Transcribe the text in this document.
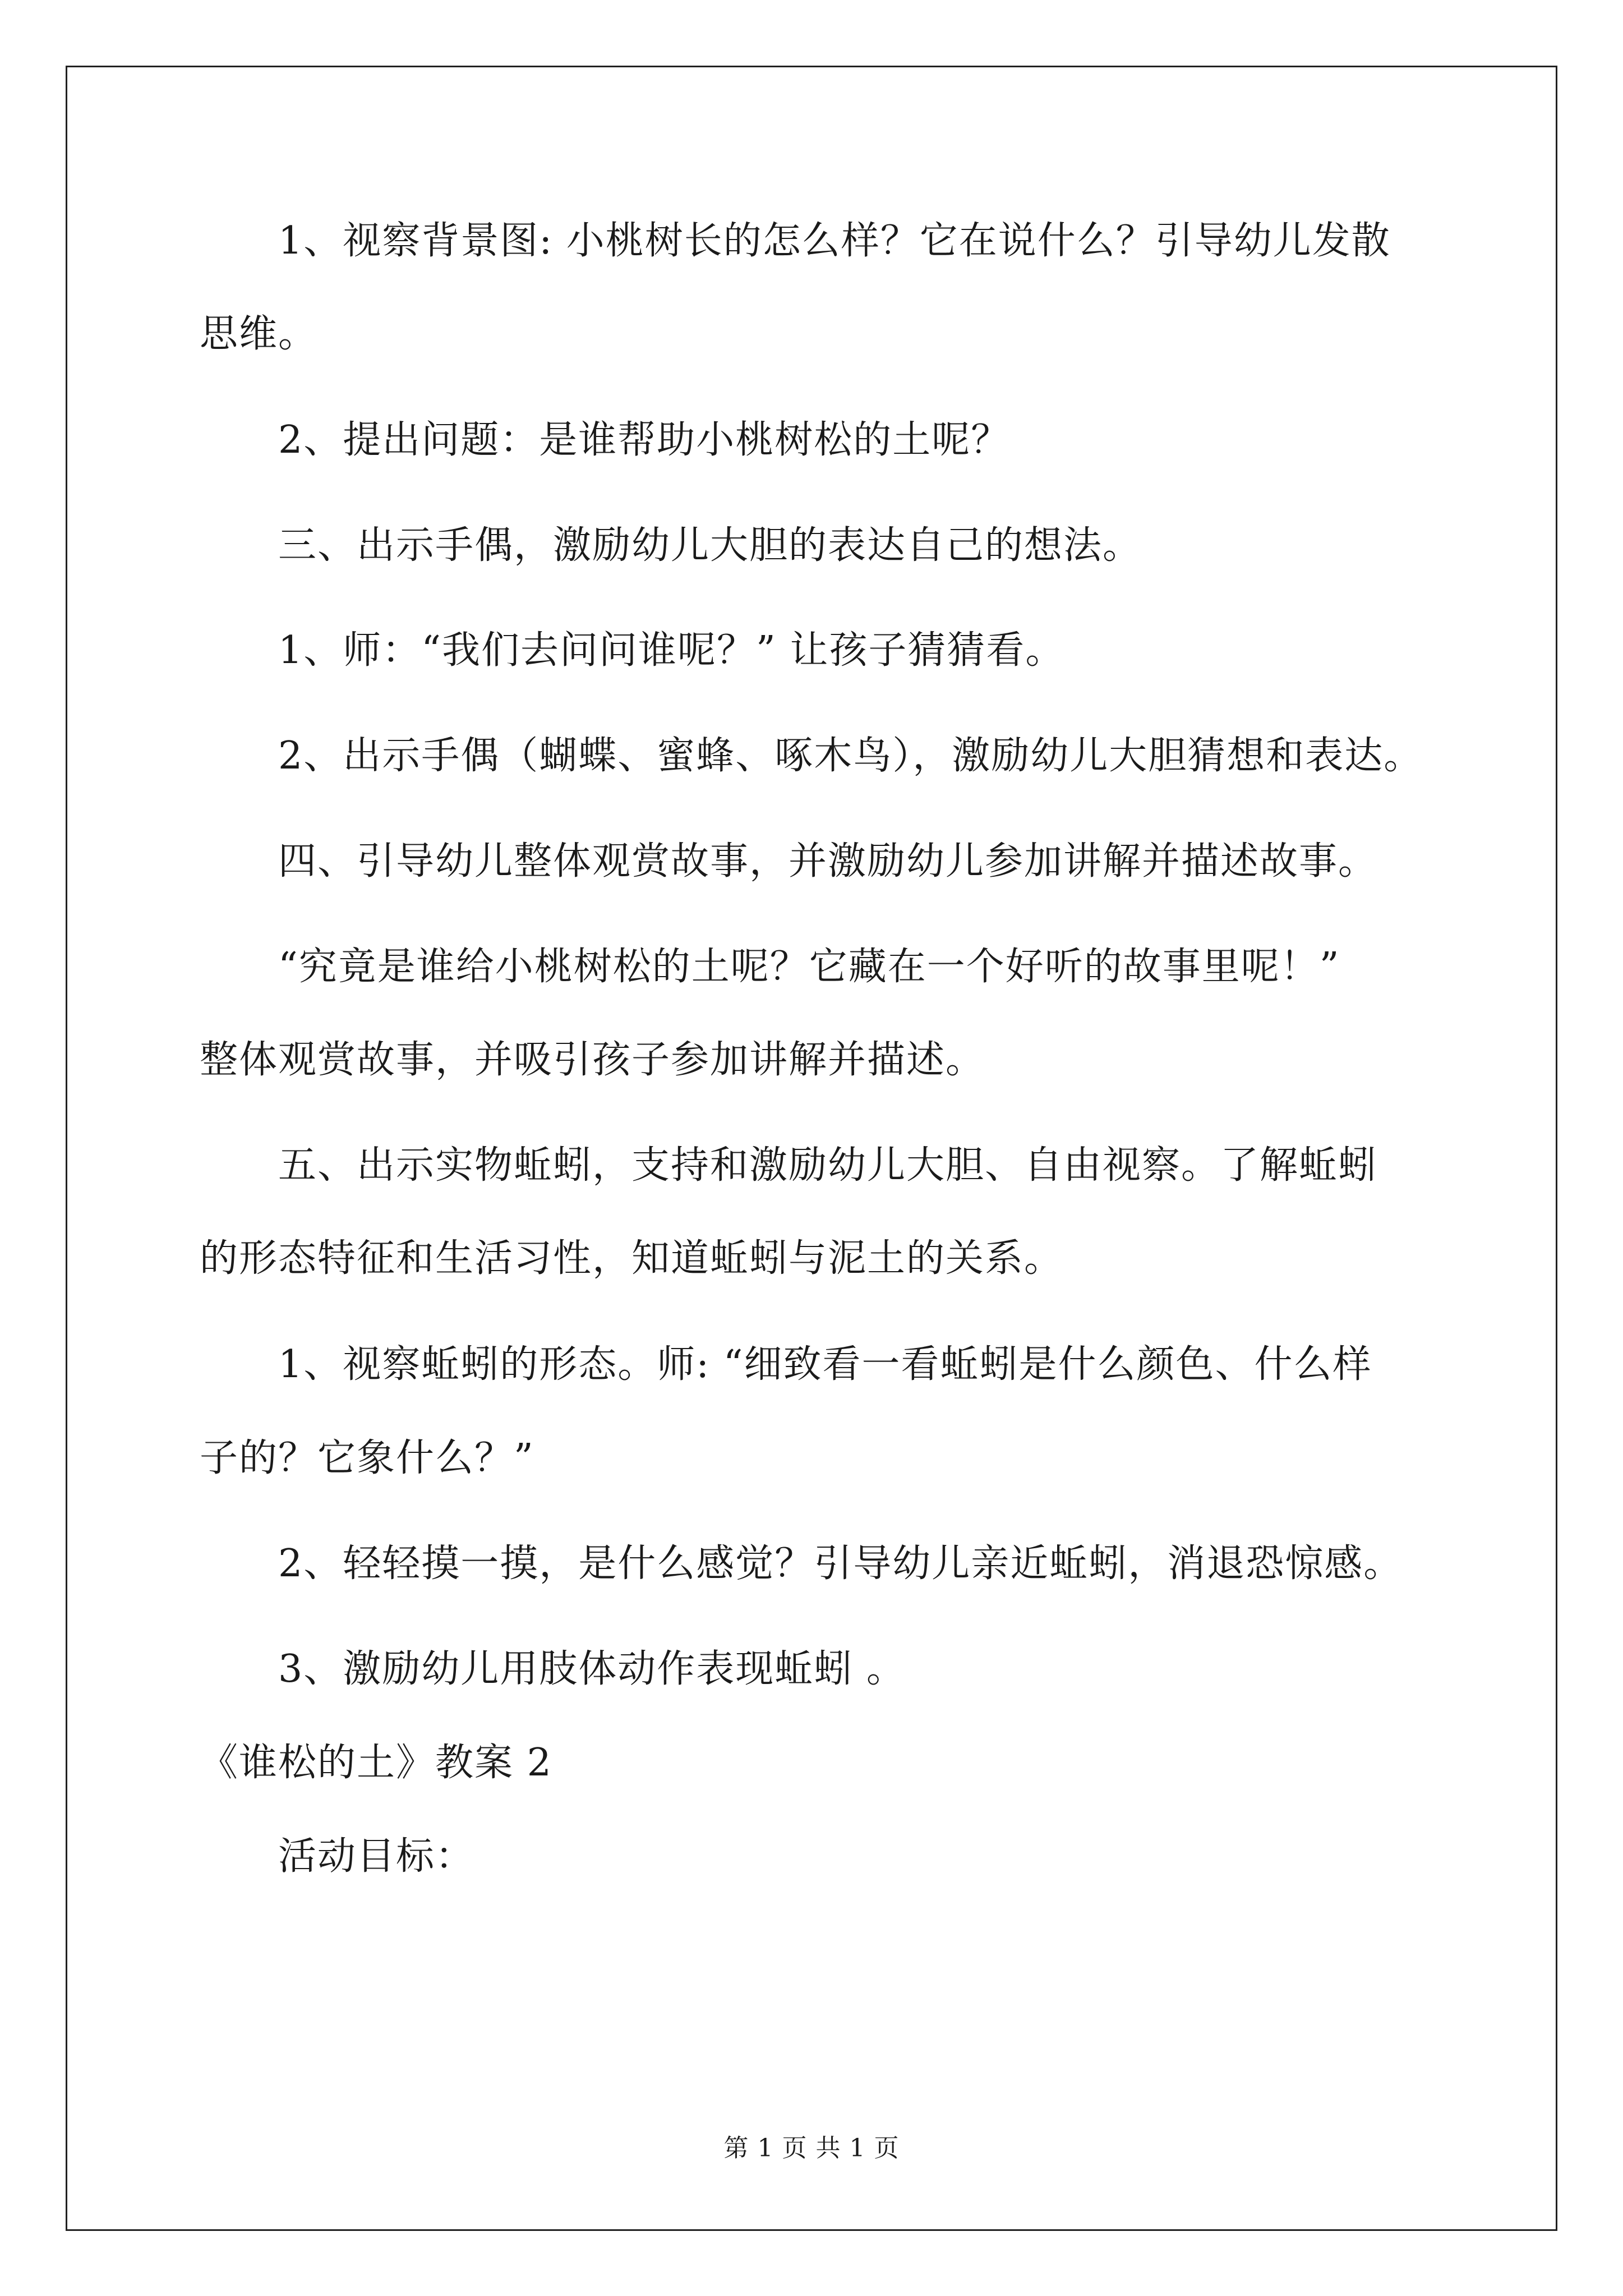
1、视察背景图: 小桃树长的怎么样？它在说什么？引导幼儿发散
思维。
2、提出问题：是谁帮助小桃树松的土呢？
三、出示手偶，激励幼儿大胆的表达自己的想法。
1、师：“我们去问问谁呢？” 让孩子猜猜看。
2、出示手偶（蝴蝶、蜜蜂、啄木鸟），激励幼儿大胆猜想和表达。
四、引导幼儿整体观赏故事，并激励幼儿参加讲解并描述故事。
“究竟是谁给小桃树松的土呢？它藏在一个好听的故事里呢！”
整体观赏故事，并吸引孩子参加讲解并描述。
五、出示实物蚯蚓，支持和激励幼儿大胆、自由视察。了解蚯蚓
的形态特征和生活习性，知道蚯蚓与泥土的关系。
1、视察蚯蚓的形态。师: “细致看一看蚯蚓是什么颜色、什么样
子的？它象什么？”
2、轻轻摸一摸，是什么感觉？引导幼儿亲近蚯蚓，消退恐惊感。
3、激励幼儿用肢体动作表现蚯蚓 。
《谁松的土》教案 2
活动目标：
第 1 页 共 1 页
